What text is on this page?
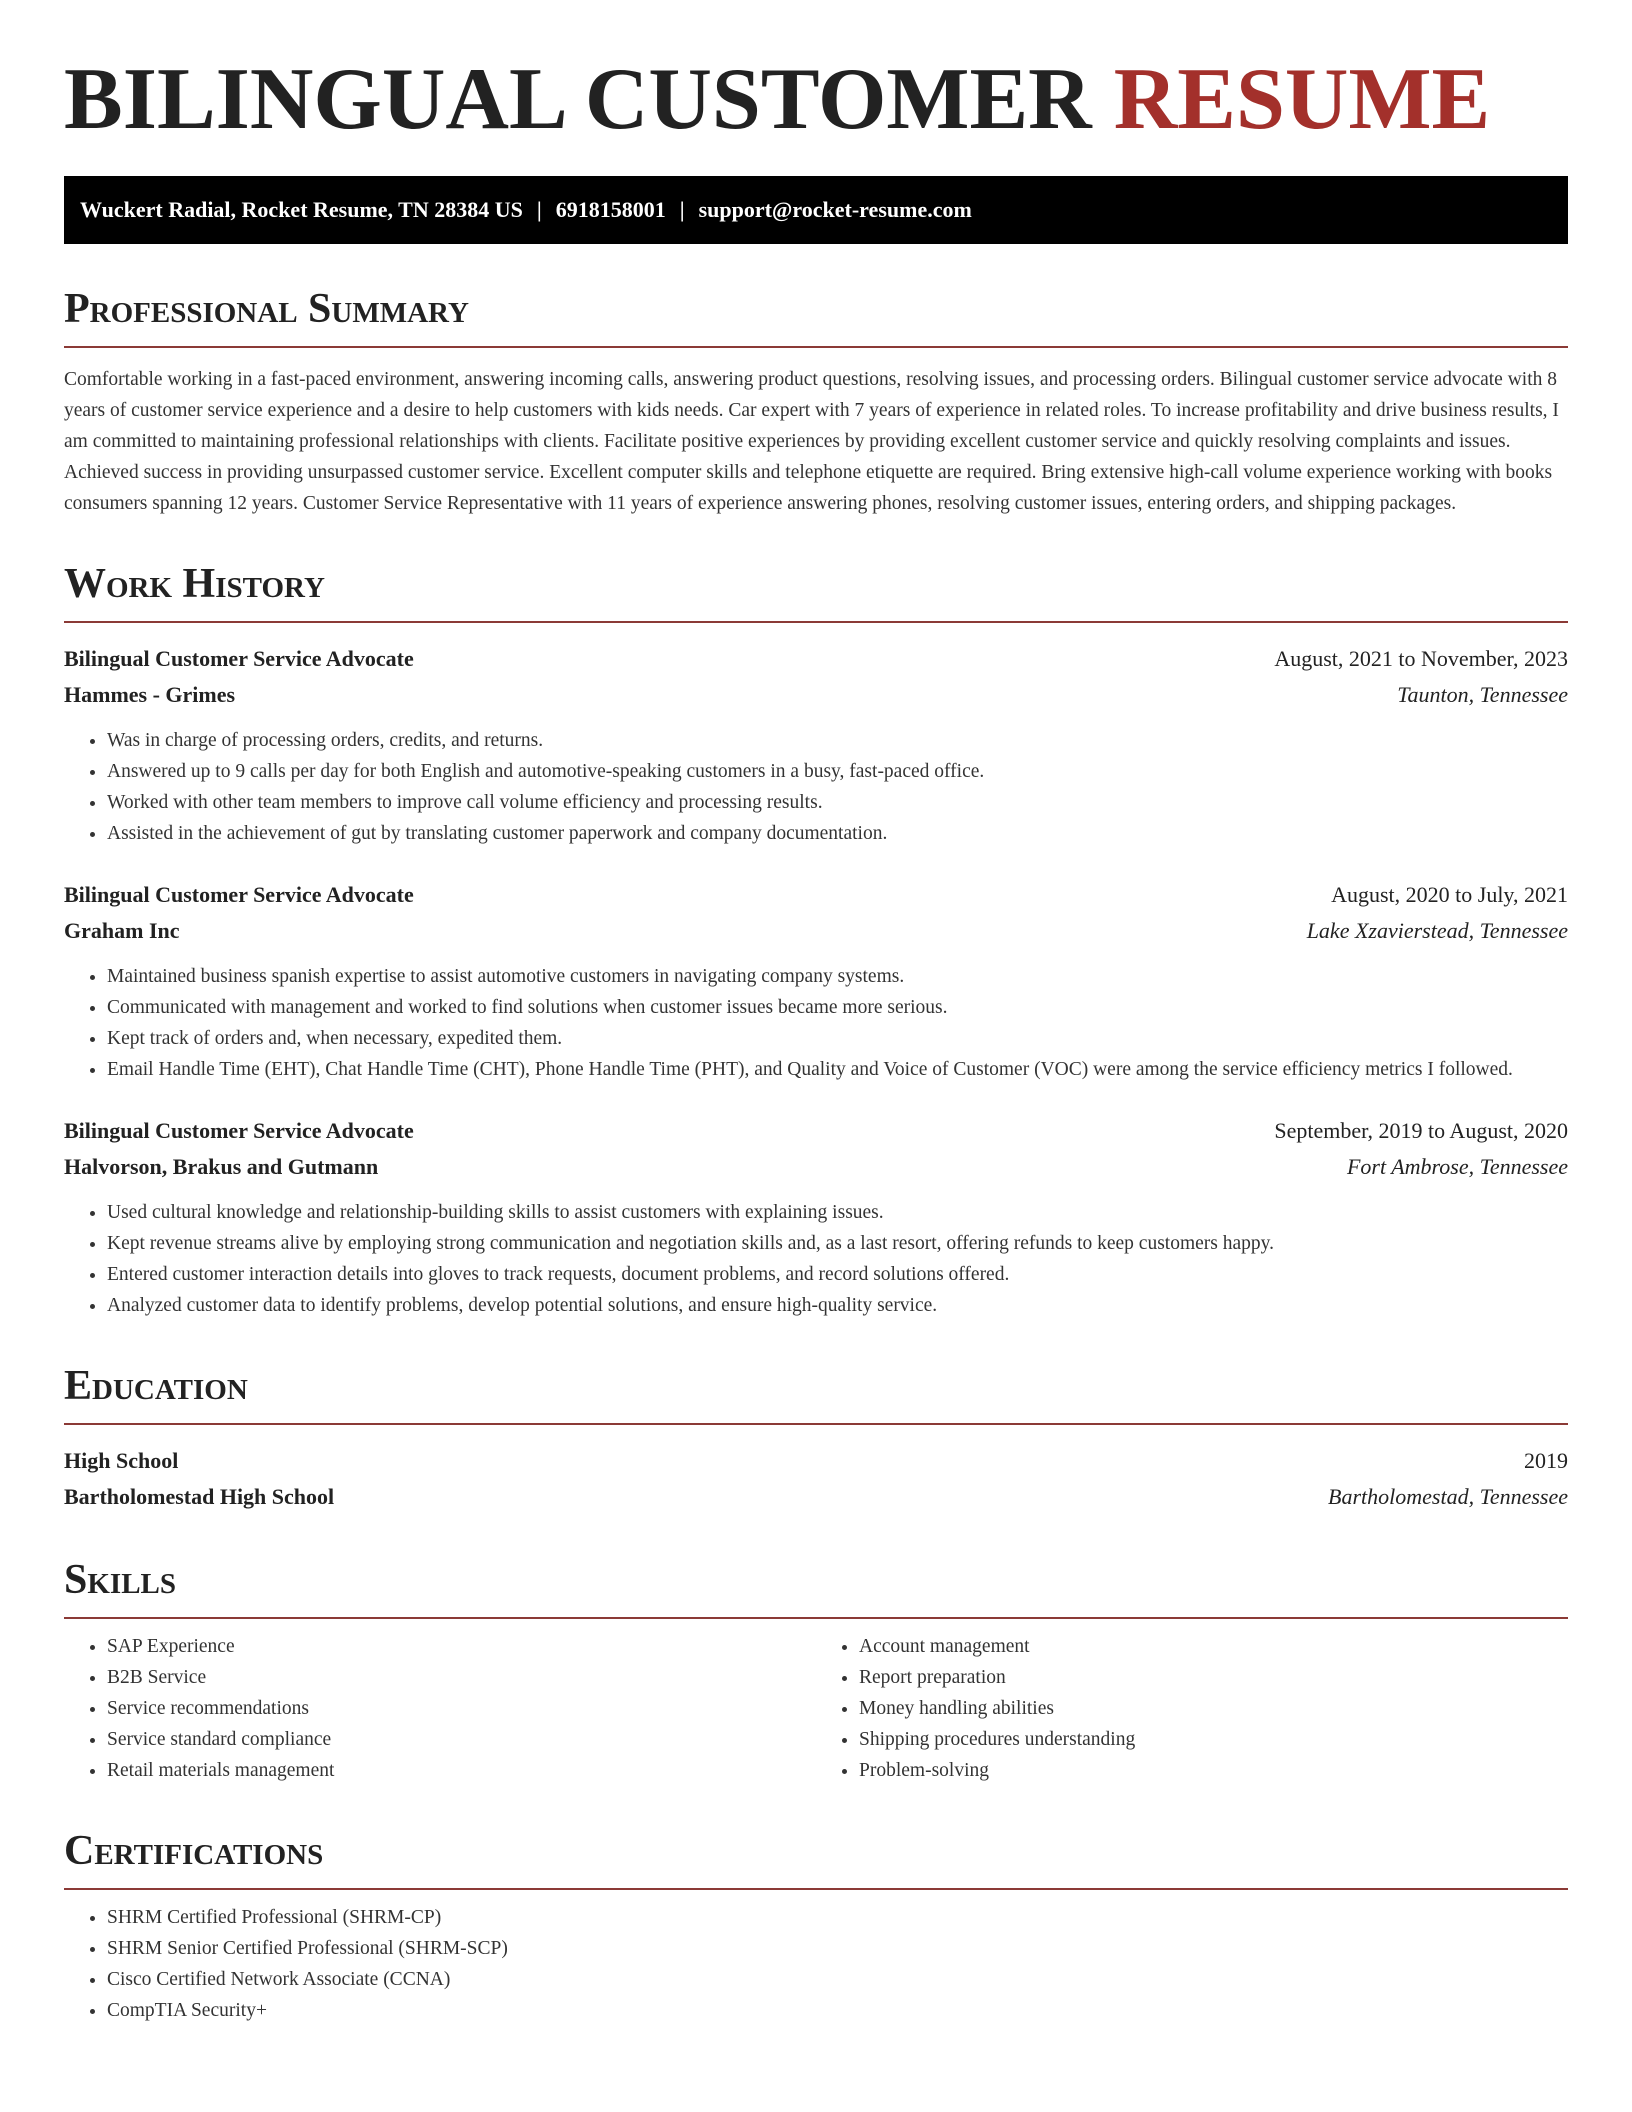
BILINGUAL CUSTOMER RESUME
Wuckert Radial, Rocket Resume, TN 28384 US | 6918158001 | support@rocket-resume.com
Professional Summary

Comfortable working in a fast-paced environment, answering incoming calls, answering product questions, resolving issues, and processing orders. Bilingual customer service advocate with 8 years of customer service experience and a desire to help customers with kids needs. Car expert with 7 years of experience in related roles. To increase profitability and drive business results, I am committed to maintaining professional relationships with clients. Facilitate positive experiences by providing excellent customer service and quickly resolving complaints and issues. Achieved success in providing unsurpassed customer service. Excellent computer skills and telephone etiquette are required. Bring extensive high-call volume experience working with books consumers spanning 12 years. Customer Service Representative with 11 years of experience answering phones, resolving customer issues, entering orders, and shipping packages.

Work History
Bilingual Customer Service Advocate	August, 2021 to November, 2023
Hammes - Grimes	Taunton, Tennessee
• Was in charge of processing orders, credits, and returns.
• Answered up to 9 calls per day for both English and automotive-speaking customers in a busy, fast-paced office.
• Worked with other team members to improve call volume efficiency and processing results.
• Assisted in the achievement of gut by translating customer paperwork and company documentation.
Bilingual Customer Service Advocate	August, 2020 to July, 2021
Graham Inc	Lake Xzavierstead, Tennessee
• Maintained business spanish expertise to assist automotive customers in navigating company systems.
• Communicated with management and worked to find solutions when customer issues became more serious.
• Kept track of orders and, when necessary, expedited them.
• Email Handle Time (EHT), Chat Handle Time (CHT), Phone Handle Time (PHT), and Quality and Voice of Customer (VOC) were among the service efficiency metrics I followed.
Bilingual Customer Service Advocate	September, 2019 to August, 2020
Halvorson, Brakus and Gutmann	Fort Ambrose, Tennessee
• Used cultural knowledge and relationship-building skills to assist customers with explaining issues.
• Kept revenue streams alive by employing strong communication and negotiation skills and, as a last resort, offering refunds to keep customers happy.
• Entered customer interaction details into gloves to track requests, document problems, and record solutions offered.
• Analyzed customer data to identify problems, develop potential solutions, and ensure high-quality service.
Education
High School	2019
Bartholomestad High School	Bartholomestad, Tennessee
Skills
• SAP Experience
• B2B Service
• Service recommendations
• Service standard compliance
• Retail materials management
• Account management
• Report preparation
• Money handling abilities
• Shipping procedures understanding
• Problem-solving
Certifications
• SHRM Certified Professional (SHRM-CP)
• SHRM Senior Certified Professional (SHRM-SCP)
• Cisco Certified Network Associate (CCNA)
• CompTIA Security+
